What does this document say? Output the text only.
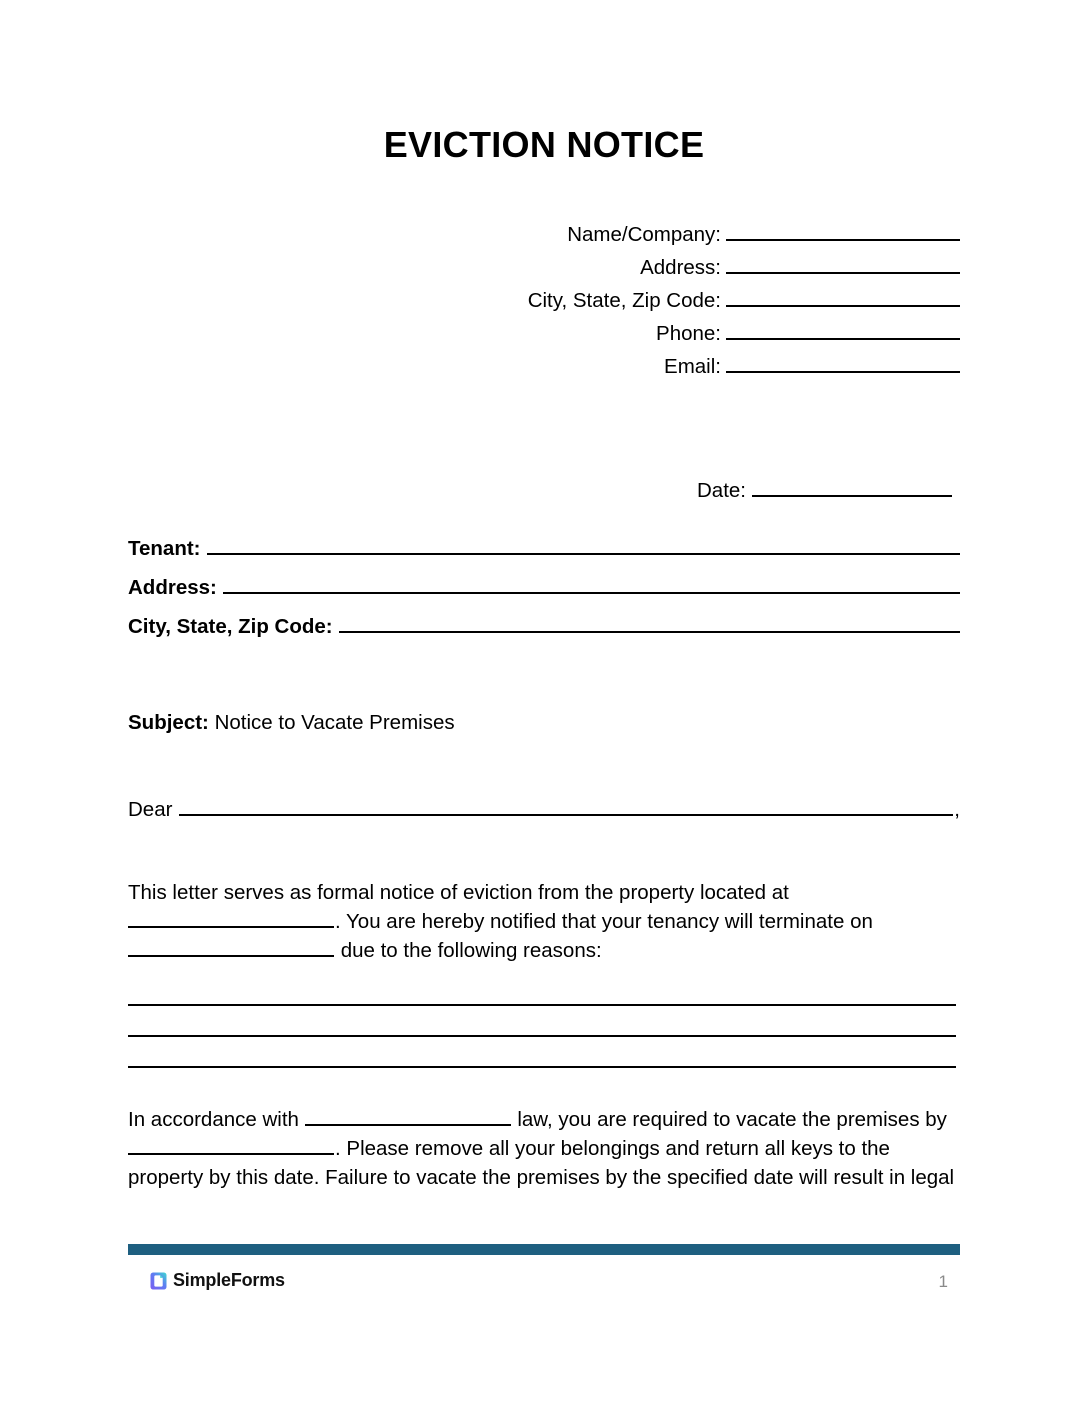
EVICTION NOTICE
Name/Company:
Address:
City, State, Zip Code:
Phone:
Email:
Date:
Tenant:
Address:
City, State, Zip Code:
Subject: Notice to Vacate Premises
Dear	,
This letter serves as formal notice of eviction from the property located at . You are hereby notified that your tenancy will terminate on  due to the following reasons:
In accordance with	law, you are required to vacate the premises by . Please remove all your belongings and return all keys to the property by this date. Failure to vacate the premises by the specified date will result in legal
SimpleForms	1
